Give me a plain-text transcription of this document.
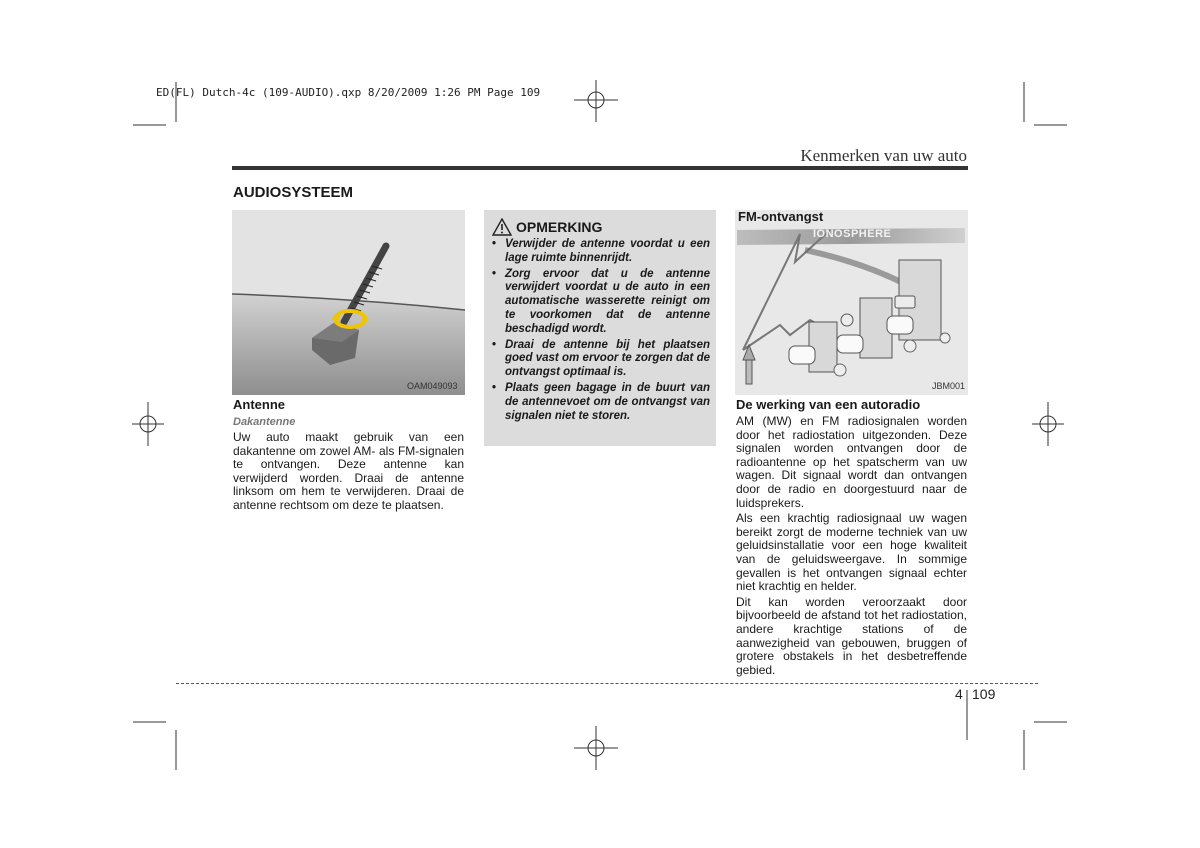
ED(FL) Dutch-4c (109-AUDIO).qxp 8/20/2009 1:26 PM Page 109
Kenmerken van uw auto
AUDIOSYSTEEM
OAM049093
Antenne
Dakantenne
Uw auto maakt gebruik van een dakantenne om zowel AM- als FM-signalen te ontvangen. Deze antenne kan verwijderd worden. Draai de antenne linksom om hem te verwijderen. Draai de antenne rechtsom om deze te plaatsen.
OPMERKING
• Verwijder de antenne voordat u een lage ruimte binnenrijdt.
• Zorg ervoor dat u de antenne verwijdert voordat u de auto in een automatische wasserette reinigt om te voorkomen dat de antenne beschadigd wordt.
• Draai de antenne bij het plaatsen goed vast om ervoor te zorgen dat de ontvangst optimaal is.
• Plaats geen bagage in de buurt van de antennevoet om de ontvangst van signalen niet te storen.
FM-ontvangst
IONOSPHERE
JBM001
De werking van een autoradio

AM (MW) en FM radiosignalen worden door het radiostation uitgezonden. Deze signalen worden ontvangen door de radioantenne op het spatscherm van uw wagen. Dit signaal wordt dan ontvangen door de radio en doorgestuurd naar de luidsprekers.

Als een krachtig radiosignaal uw wagen bereikt zorgt de moderne techniek van uw geluidsinstallatie voor een hoge kwaliteit van de geluidsweergave. In sommige gevallen is het ontvangen signaal echter niet krachtig en helder.

Dit kan worden veroorzaakt door bijvoorbeeld de afstand tot het radiostation, andere krachtige stations of de aanwezigheid van gebouwen, bruggen of grotere obstakels in het desbetreffende gebied.

4 109
